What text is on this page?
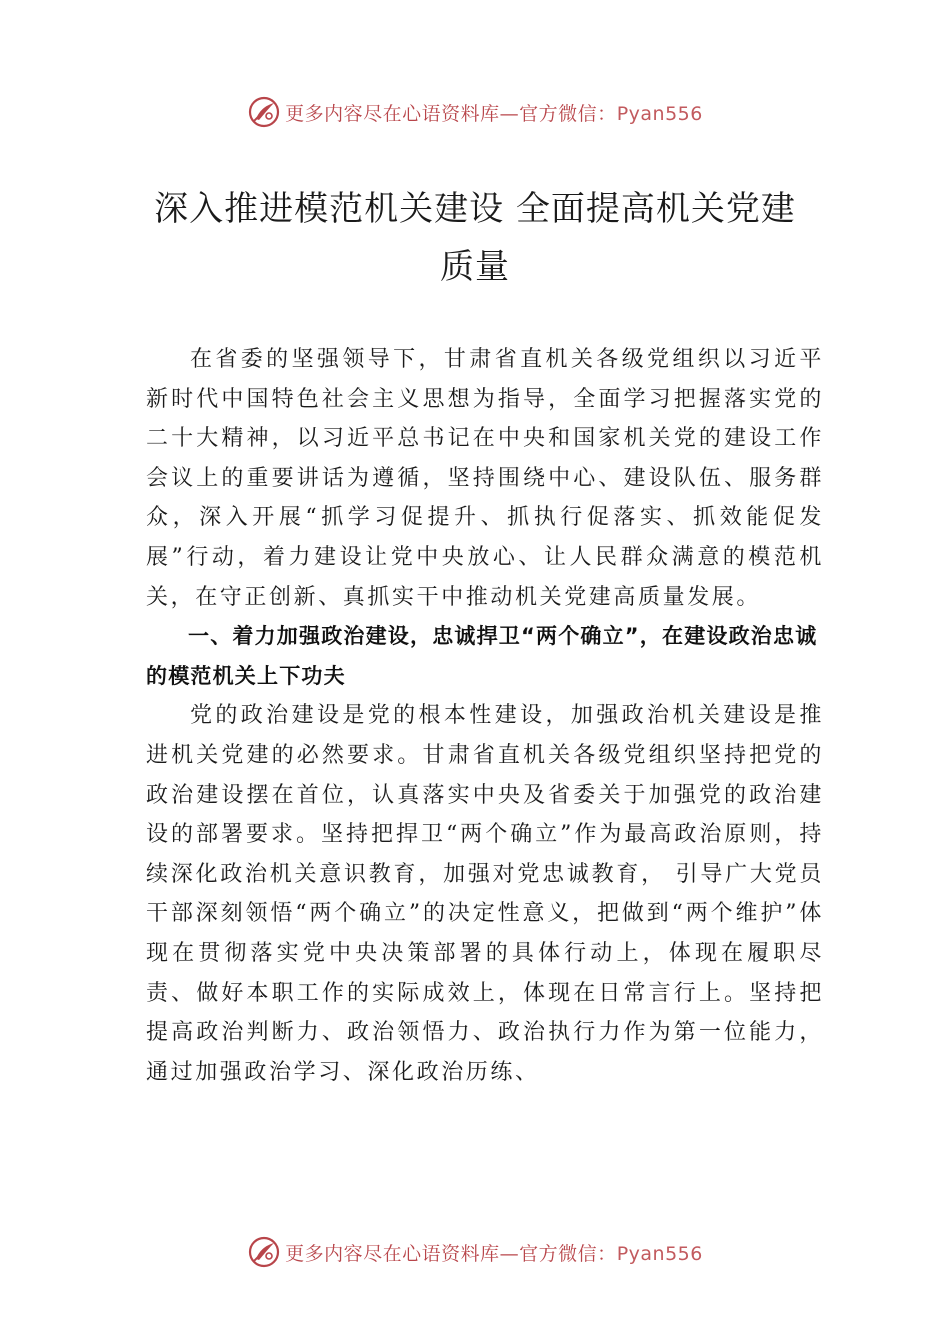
更多内容尽在心语资料库—官方微信：Pyan556
深入推进模范机关建设 全面提高机关党建
质量

在省委的坚强领导下，甘肃省直机关各级党组织以习近平新时代中国特色社会主义思想为指导，全面学习把握落实党的二十大精神，以习近平总书记在中央和国家机关党的建设工作会议上的重要讲话为遵循，坚持围绕中心、建设队伍、服务群众，深入开展“抓学习促提升、抓执行促落实、抓效能促发展”行动，着力建设让党中央放心、让人民群众满意的模范机关，在守正创新、真抓实干中推动机关党建高质量发展。

一、着力加强政治建设，忠诚捍卫“两个确立”，在建设政治忠诚的模范机关上下功夫

党的政治建设是党的根本性建设，加强政治机关建设是推进机关党建的必然要求。甘肃省直机关各级党组织坚持把党的政治建设摆在首位，认真落实中央及省委关于加强党的政治建设的部署要求。坚持把捍卫“两个确立”作为最高政治原则，持续深化政治机关意识教育，加强对党忠诚教育， 引导广大党员干部深刻领悟“两个确立”的决定性意义，把做到“两个维护”体现在贯彻落实党中央决策部署的具体行动上，体现在履职尽责、做好本职工作的实际成效上，体现在日常言行上。坚持把提高政治判断力、政治领悟力、政治执行力作为第一位能力，通过加强政治学习、深化政治历练、

更多内容尽在心语资料库—官方微信：Pyan556
